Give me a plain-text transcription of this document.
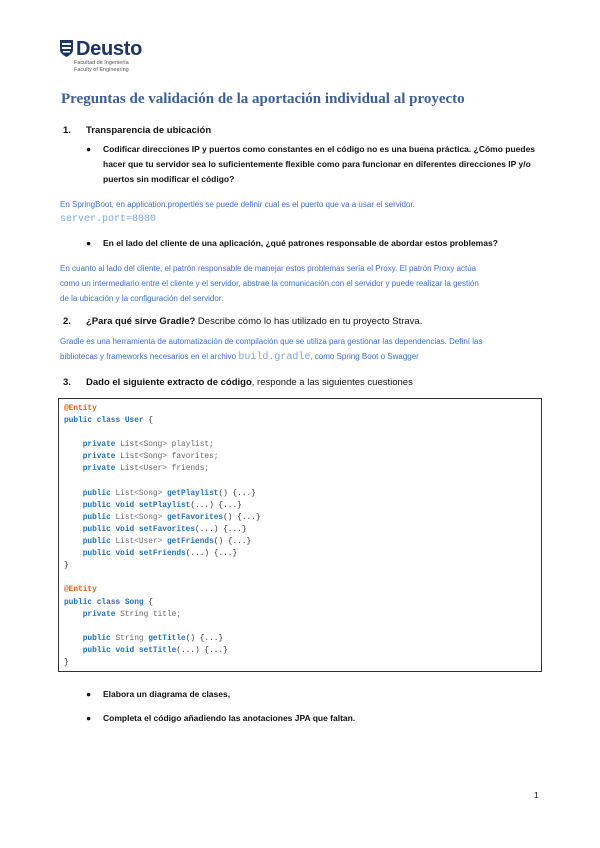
Deusto
Facultad de Ingeniería
Faculty of Engineering
Preguntas de validación de la aportación individual al proyecto
1. Transparencia de ubicación
● Codificar direcciones IP y puertos como constantes en el código no es una buena práctica. ¿Cómo puedes
hacer que tu servidor sea lo suficientemente flexible como para funcionar en diferentes direcciones IP y/o
puertos sin modificar el código?
En SpringBoot, en application.properties se puede definir cual es el puerto que va a usar el servidor.
server.port=8080
● En el lado del cliente de una aplicación, ¿qué patrones responsable de abordar estos problemas?
En cuanto al lado del cliente, el patrón responsable de manejar estos problemas sería el Proxy. El patrón Proxy actúa
como un intermediario entre el cliente y el servidor, abstrae la comunicación con el servidor y puede realizar la gestión
de la ubicación y la configuración del servidor.
2. ¿Para qué sirve Gradle? Describe cómo lo has utilizado en tu proyecto Strava.
Gradle es una herramienta de automatización de compilación que se utiliza para gestionar las dependencias. Definí las
bibliotecas y frameworks necesarios en el archivo build.gradle, como Spring Boot o Swagger
3. Dado el siguiente extracto de código, responde a las siguientes cuestiones
@Entity
public class User {

private List<Song> playlist;
private List<Song> favorites;
private List<User> friends;

public List<Song> getPlaylist() {...}
public void setPlaylist(...) {...}
public List<Song> getFavorites() {...}
public void setFavorites(...) {...}
public List<User> getFriends() {...}
public void setFriends(...) {...}
}

@Entity
public class Song {
private String title;

public String getTitle() {...}
public void setTitle(...) {...}
}
● Elabora un diagrama de clases,
● Completa el código añadiendo las anotaciones JPA que faltan.
1
